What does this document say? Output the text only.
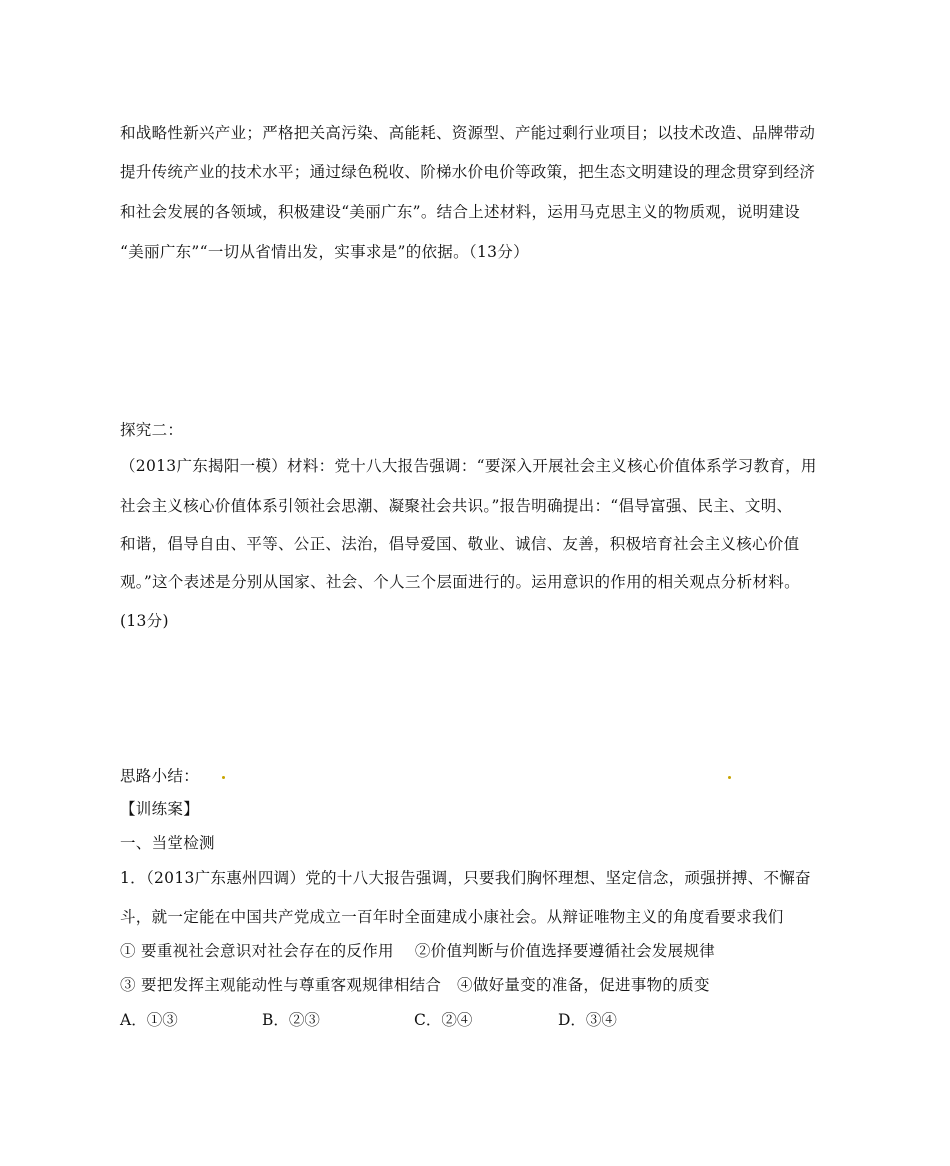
和战略性新兴产业；严格把关高污染、高能耗、资源型、产能过剩行业项目；以技术改造、品牌带动
提升传统产业的技术水平；通过绿色税收、阶梯水价电价等政策，把生态文明建设的理念贯穿到经济
和社会发展的各领域，积极建设“美丽广东”。结合上述材料，运用马克思主义的物质观，说明建设
“美丽广东”“一切从省情出发，实事求是”的依据。（13分）
探究二：
（2013广东揭阳一模）材料：党十八大报告强调：“要深入开展社会主义核心价值体系学习教育，用
社会主义核心价值体系引领社会思潮、凝聚社会共识。”报告明确提出：“倡导富强、民主、文明、
和谐，倡导自由、平等、公正、法治，倡导爱国、敬业、诚信、友善，积极培育社会主义核心价值
观。”这个表述是分别从国家、社会、个人三个层面进行的。运用意识的作用的相关观点分析材料。
(13分)
思路小结：
【训练案】
一、当堂检测
1．（2013广东惠州四调）党的十八大报告强调，只要我们胸怀理想、坚定信念，顽强拼搏、不懈奋
斗，就一定能在中国共产党成立一百年时全面建成小康社会。从辩证唯物主义的角度看要求我们
① 要重视社会意识对社会存在的反作用　 ②价值判断与价值选择要遵循社会发展规律
③ 要把发挥主观能动性与尊重客观规律相结合　④做好量变的准备，促进事物的质变
A．①③	B．②③	C．②④	D．③④
